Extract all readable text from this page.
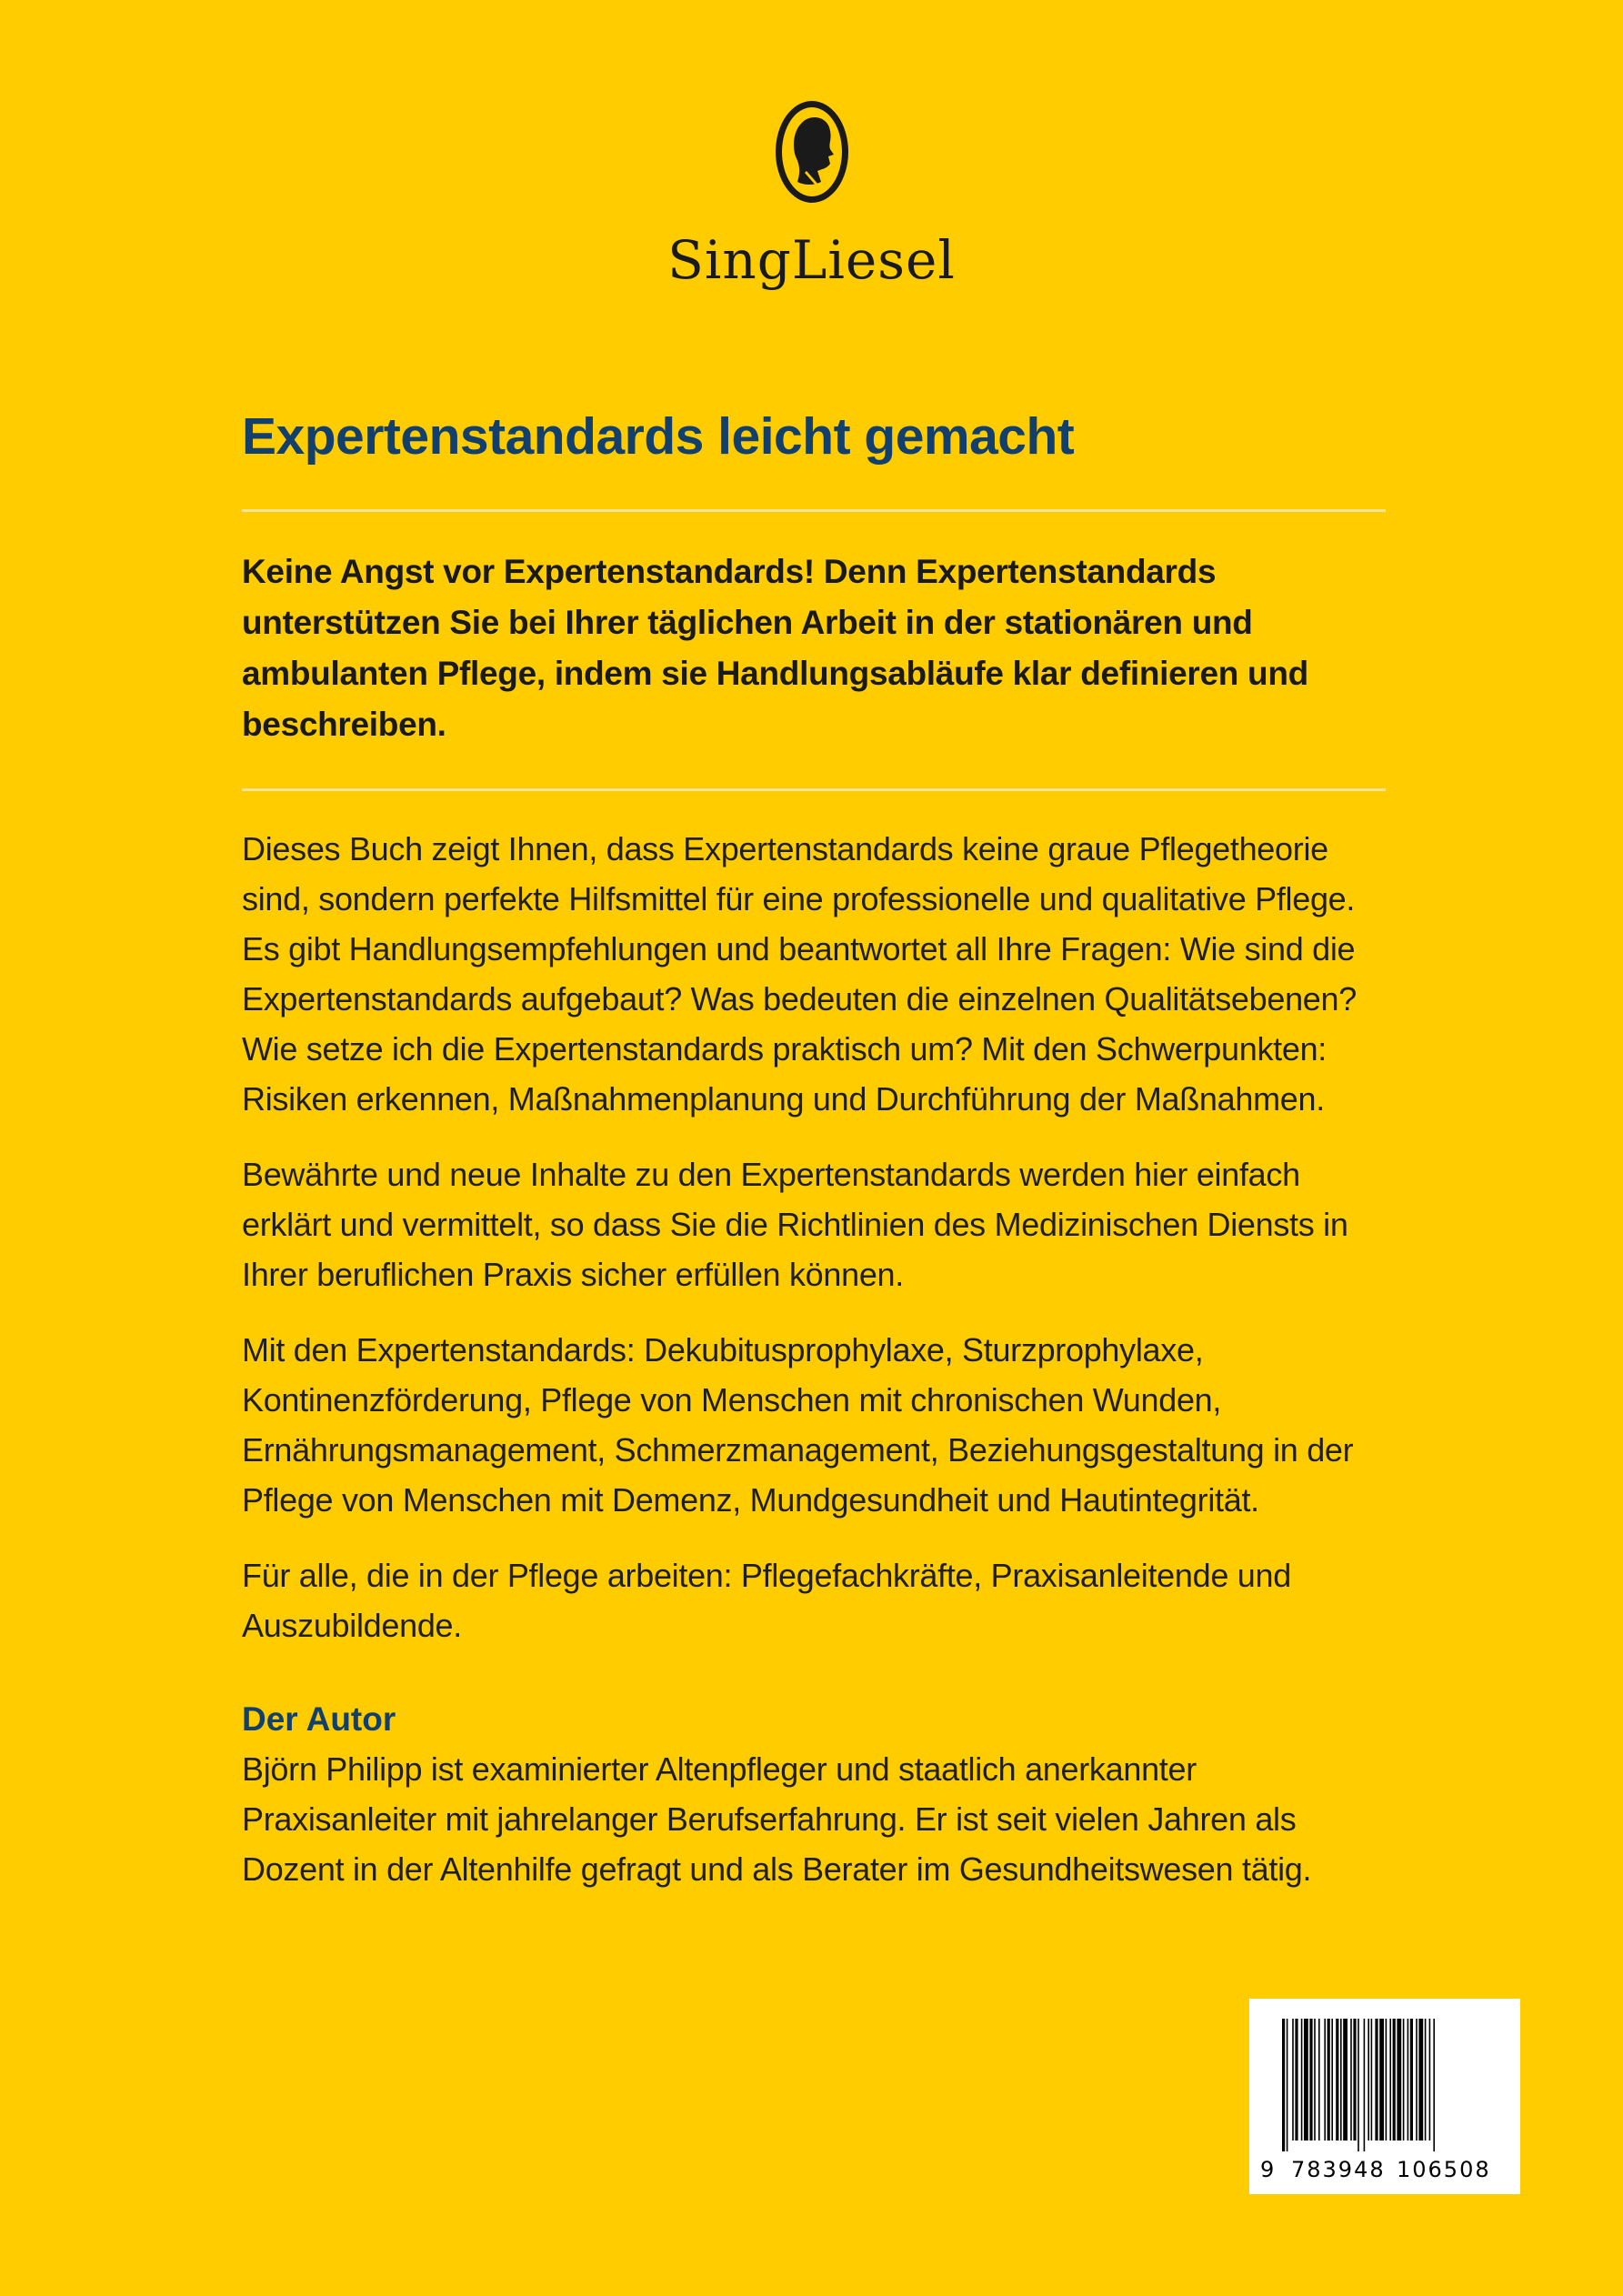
SingLiesel
Expertenstandards leicht gemacht

Keine Angst vor Expertenstandards! Denn Expertenstandards unterstützen Sie bei Ihrer täglichen Arbeit in der stationären und ambulanten Pflege, indem sie Handlungsabläufe klar definieren und beschreiben.

Dieses Buch zeigt Ihnen, dass Expertenstandards keine graue Pflegetheorie sind, sondern perfekte Hilfsmittel für eine professionelle und qualitative Pflege. Es gibt Handlungsempfehlungen und beantwortet all Ihre Fragen: Wie sind die Expertenstandards aufgebaut? Was bedeuten die einzelnen Qualitätsebenen? Wie setze ich die Expertenstandards praktisch um? Mit den Schwerpunkten: Risiken erkennen, Maßnahmenplanung und Durchführung der Maßnahmen.

Bewährte und neue Inhalte zu den Expertenstandards werden hier einfach erklärt und vermittelt, so dass Sie die Richtlinien des Medizinischen Diensts in Ihrer beruflichen Praxis sicher erfüllen können.

Mit den Expertenstandards: Dekubitusprophylaxe, Sturzprophylaxe, Kontinenzförderung, Pflege von Menschen mit chronischen Wunden, Ernährungsmanagement, Schmerzmanagement, Beziehungsgestaltung in der Pflege von Menschen mit Demenz, Mundgesundheit und Hautintegrität.

Für alle, die in der Pflege arbeiten: Pflegefachkräfte, Praxisanleitende und Auszubildende.

Der Autor

Björn Philipp ist examinierter Altenpfleger und staatlich anerkannter Praxisanleiter mit jahrelanger Berufserfahrung. Er ist seit vielen Jahren als Dozent in der Altenhilfe gefragt und als Berater im Gesundheitswesen tätig.

9 783948 106508
